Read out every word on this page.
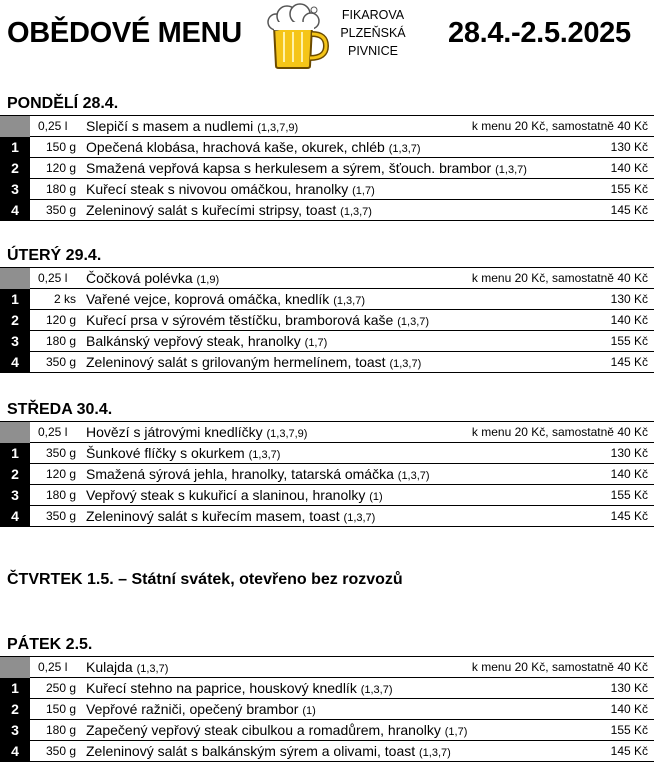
OBĚDOVÉ MENU
FIKAROVA
PLZEŇSKÁ
PIVNICE
28.4.-2.5.2025
PONDĚLÍ 28.4.
0,25 l	Slepičí s masem a nudlemi (1,3,7,9)	k menu 20 Kč, samostatně 40 Kč
1	150 g Opečená klobása, hrachová kaše, okurek, chléb (1,3,7)	130 Kč
2	120 g Smažená vepřová kapsa s herkulesem a sýrem, šťouch. brambor (1,3,7)	140 Kč
3	180 g Kuřecí steak s nivovou omáčkou, hranolky (1,7)	155 Kč
4	350 g Zeleninový salát s kuřecími stripsy, toast (1,3,7)	145 Kč
ÚTERÝ 29.4.
0,25 l	Čočková polévka (1,9)	k menu 20 Kč, samostatně 40 Kč
1	2 ks Vařené vejce, koprová omáčka, knedlík (1,3,7)	130 Kč
2	120 g Kuřecí prsa v sýrovém těstíčku, bramborová kaše (1,3,7)	140 Kč
3	180 g Balkánský vepřový steak, hranolky (1,7)	155 Kč
4	350 g Zeleninový salát s grilovaným hermelínem, toast (1,3,7)	145 Kč
STŘEDA 30.4.
0,25 l	Hovězí s játrovými knedlíčky (1,3,7,9)	k menu 20 Kč, samostatně 40 Kč
1	350 g Šunkové flíčky s okurkem (1,3,7)	130 Kč
2	120 g Smažená sýrová jehla, hranolky, tatarská omáčka (1,3,7)	140 Kč
3	180 g Vepřový steak s kukuřicí a slaninou, hranolky (1)	155 Kč
4	350 g Zeleninový salát s kuřecím masem, toast (1,3,7)	145 Kč
ČTVRTEK 1.5. – Státní svátek, otevřeno bez rozvozů
PÁTEK 2.5.
0,25 l	Kulajda (1,3,7)	k menu 20 Kč, samostatně 40 Kč
1	250 g Kuřecí stehno na paprice, houskový knedlík (1,3,7)	130 Kč
2	150 g Vepřové ražniči, opečený brambor (1)	140 Kč
3	180 g Zapečený vepřový steak cibulkou a romadůrem, hranolky (1,7)	155 Kč
4	350 g Zeleninový salát s balkánským sýrem a olivami, toast (1,3,7)	145 Kč
